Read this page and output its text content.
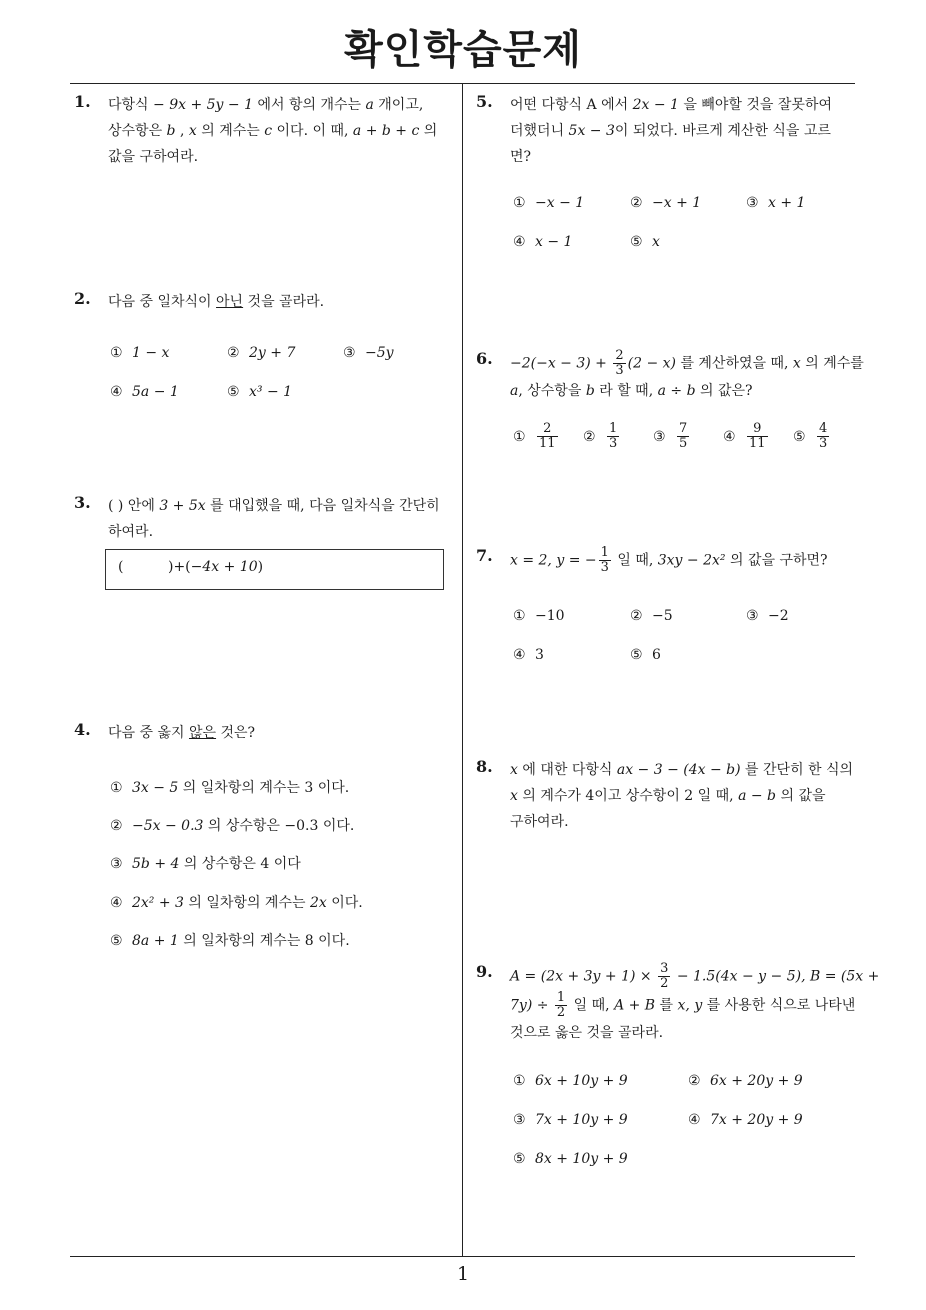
확인학습문제
1
1. 다항식 − 9x + 5y − 1 에서 항의 개수는 a 개이고,
상수항은 b , x 의 계수는 c 이다. 이 때, a + b + c 의
값을 구하여라.
2. 다음 중 일차식이 아닌 것을 골라라.
① 1 − x	② 2y + 7	③ −5y
④ 5a − 1	⑤ x³ − 1
3. ( ) 안에 3 + 5x 를 대입했을 때, 다음 일차식을 간단히
하여라.
(	)+(−4x + 10)
4. 다음 중 옳지 않은 것은?
① 3x − 5 의 일차항의 계수는 3 이다.
② −5x − 0.3 의 상수항은 −0.3 이다.
③ 5b + 4 의 상수항은 4 이다
④ 2x² + 3 의 일차항의 계수는 2x 이다.
⑤ 8a + 1 의 일차항의 계수는 8 이다.
5. 어떤 다항식 A 에서 2x − 1 을 빼야할 것을 잘못하여
더했더니 5x − 3이 되었다. 바르게 계산한 식을 고르
면?
① −x − 1	② −x + 1	③ x + 1
④ x − 1	⑤ x
6. $-2(-x - 3) + \frac{2}{3} (2 - x)$ 를 계산하였을 때, x 의 계수를
a, 상수항을 b 라 할 때, a ÷ b 의 값은?
① $\frac{2}{11}$ ② $\frac{1}{3}$ ③ $\frac{7}{5}$ ④ $\frac{9}{11}$ ⑤ $\frac{4}{3}$
7. x = 2, y = − $\frac{1}{3}$ 일 때, 3xy − 2x² 의 값을 구하면?
① −10	② −5	③ −2
④ 3	⑤ 6
8. x 에 대한 다항식 ax − 3 − (4x − b) 를 간단히 한 식의
x 의 계수가 4이고 상수항이 2 일 때, a − b 의 값을
구하여라.
9. $A = (2x + 3y + 1) \times \frac{3}{2} - 1.5(4x - y - 5)$, B = (5x +
$7y) \div \frac{1}{2}$ 일 때, A + B 를 x, y 를 사용한 식으로 나타낸
것으로 옳은 것을 골라라.
① 6x + 10y + 9	② 6x + 20y + 9
③ 7x + 10y + 9	④ 7x + 20y + 9
⑤ 8x + 10y + 9
